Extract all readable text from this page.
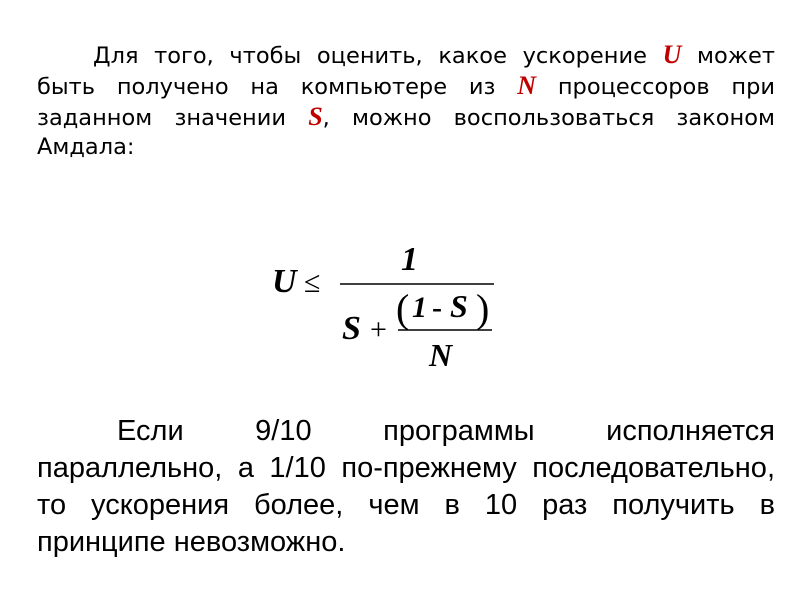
Для того, чтобы оценить, какое ускорение U может быть получено на компьютере из N процессоров при заданном значении S, можно воспользоваться законом Амдала:

U ≤
1
S + ( 1 - S )
N

Если 9/10 программы исполняется параллельно, а 1/10 по-прежнему последовательно, то ускорения более, чем в 10 раз получить в принципе невозможно.
